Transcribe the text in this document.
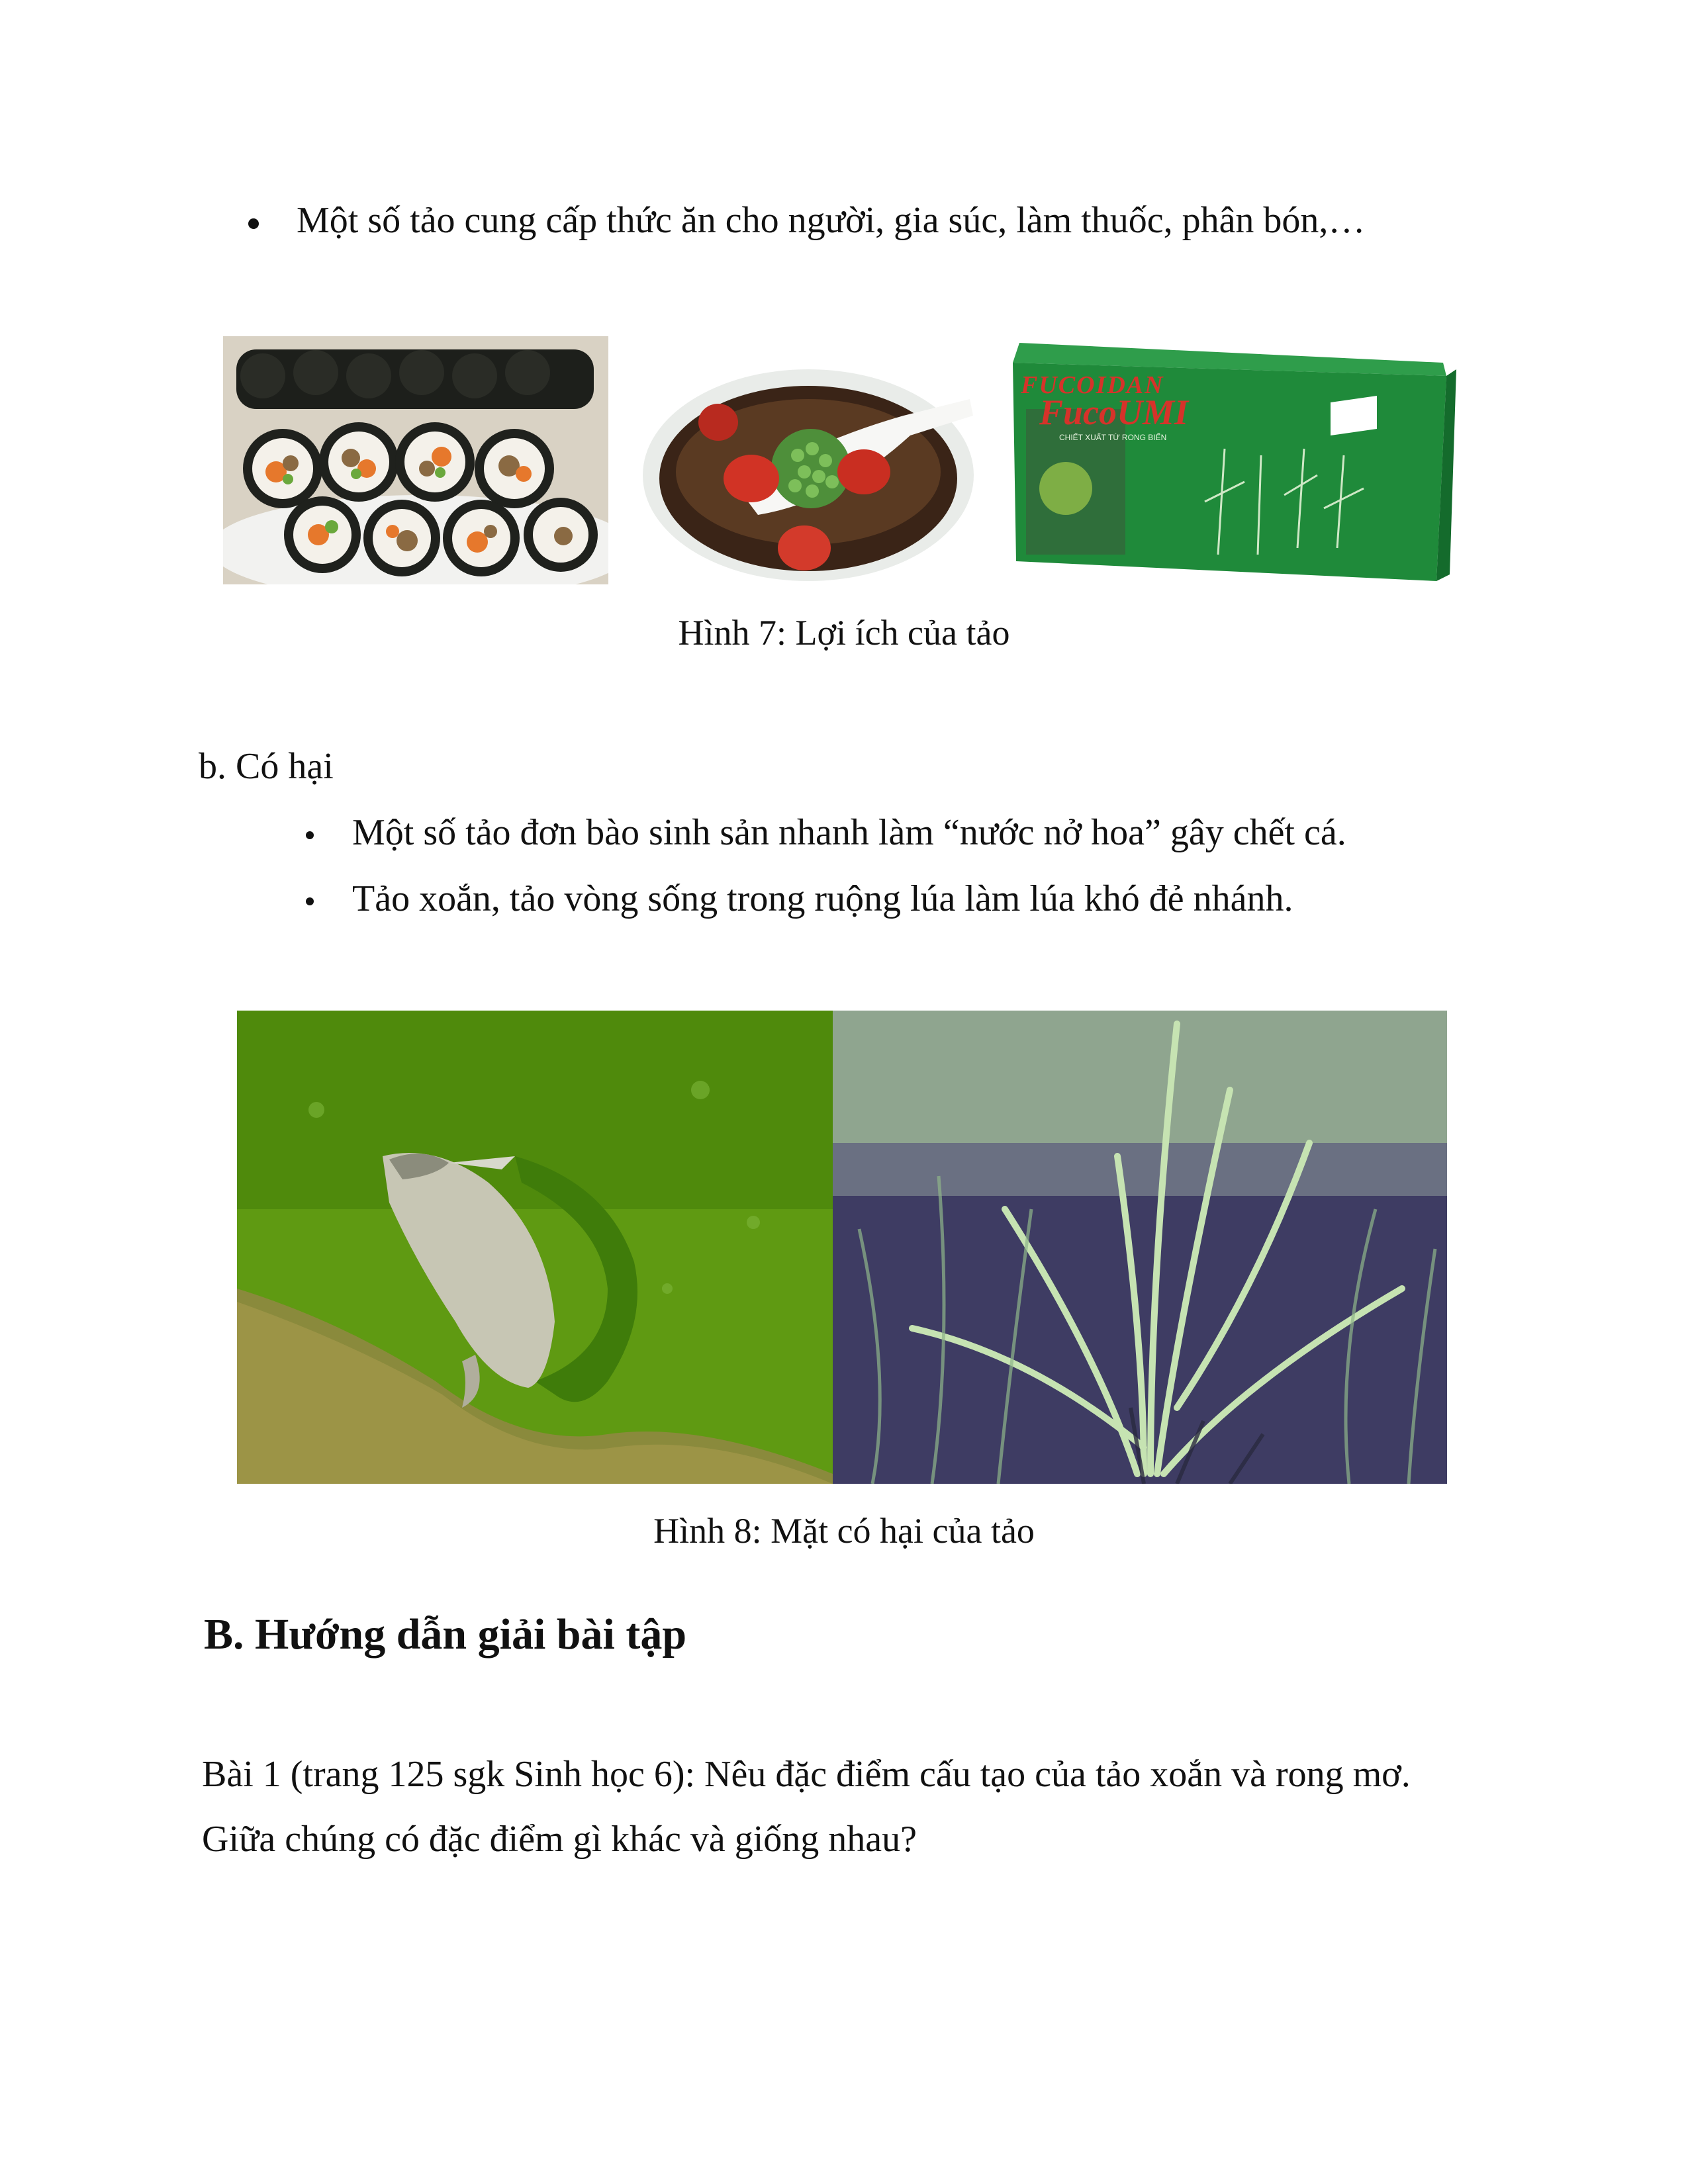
Một số tảo cung cấp thức ăn cho người, gia súc, làm thuốc, phân bón,…
FUCOIDAN
FucoUMI
CHIẾT XUẤT TỪ RONG BIỂN
Hình 7: Lợi ích của tảo
b. Có hại
Một số tảo đơn bào sinh sản nhanh làm “nước nở hoa” gây chết cá.
Tảo xoắn, tảo vòng sống trong ruộng lúa làm lúa khó đẻ nhánh.
Hình 8: Mặt có hại của tảo
B. Hướng dẫn giải bài tập
Bài 1 (trang 125 sgk Sinh học 6): Nêu đặc điểm cấu tạo của tảo xoắn và rong mơ.
Giữa chúng có đặc điểm gì khác và giống nhau?
